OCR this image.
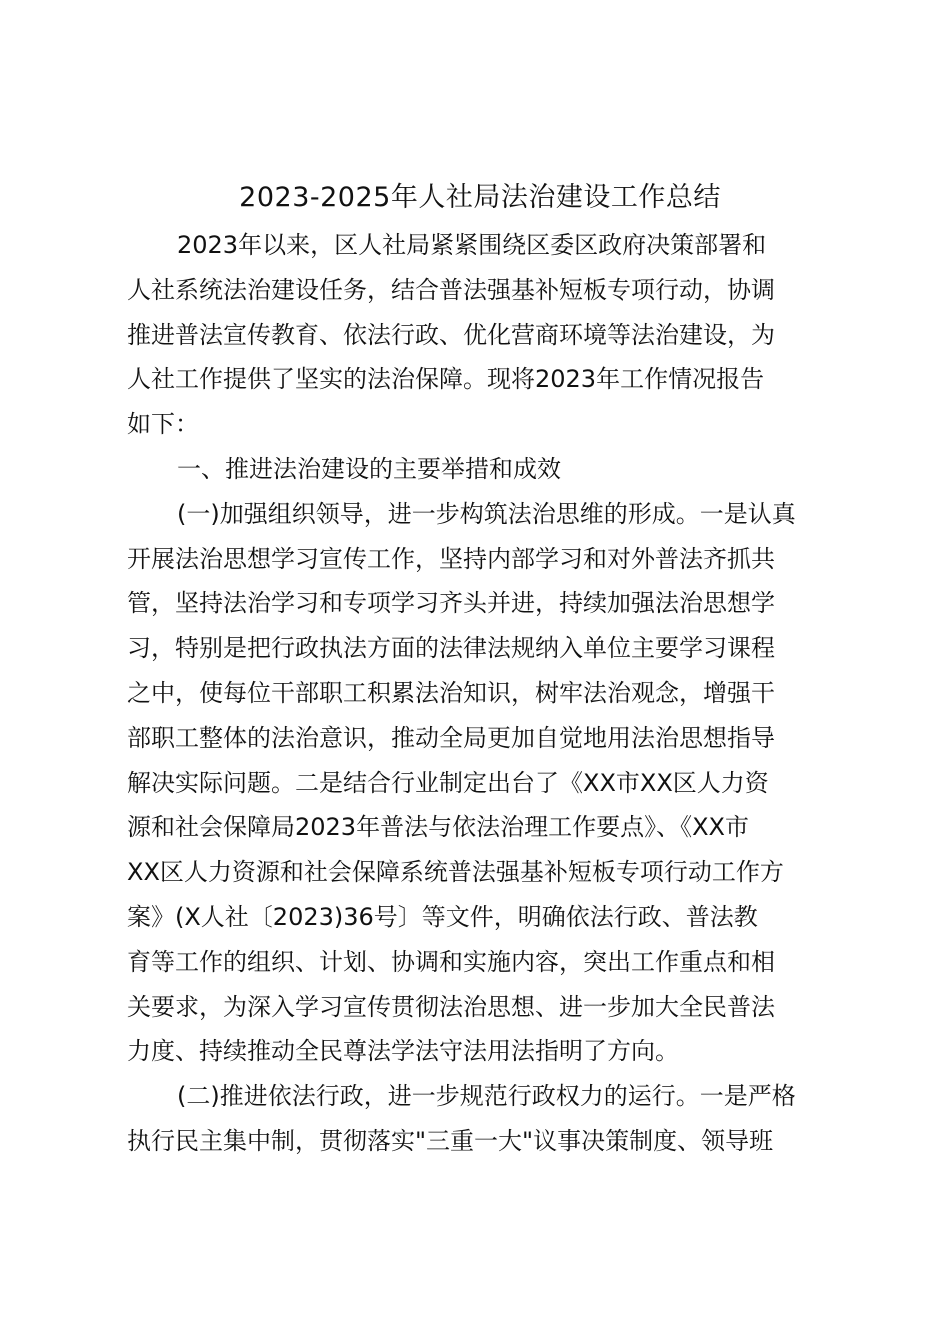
2023-2025年人社局法治建设工作总结

2023年以来，区人社局紧紧围绕区委区政府决策部署和
人社系统法治建设任务，结合普法强基补短板专项行动，协调
推进普法宣传教育、依法行政、优化营商环境等法治建设，为
人社工作提供了坚实的法治保障。现将2023年工作情况报告
如下：

一、推进法治建设的主要举措和成效

(一)加强组织领导，进一步构筑法治思维的形成。一是认真
开展法治思想学习宣传工作，坚持内部学习和对外普法齐抓共
管，坚持法治学习和专项学习齐头并进，持续加强法治思想学
习，特别是把行政执法方面的法律法规纳入单位主要学习课程
之中，使每位干部职工积累法治知识，树牢法治观念，增强干
部职工整体的法治意识，推动全局更加自觉地用法治思想指导
解决实际问题。二是结合行业制定出台了《XX市XX区人力资
源和社会保障局2023年普法与依法治理工作要点》、《XX市
XX区人力资源和社会保障系统普法强基补短板专项行动工作方
案》(X人社〔2023)36号〕等文件，明确依法行政、普法教
育等工作的组织、计划、协调和实施内容，突出工作重点和相
关要求，为深入学习宣传贯彻法治思想、进一步加大全民普法
力度、持续推动全民尊法学法守法用法指明了方向。

(二)推进依法行政，进一步规范行政权力的运行。一是严格
执行民主集中制，贯彻落实"三重一大"议事决策制度、领导班
